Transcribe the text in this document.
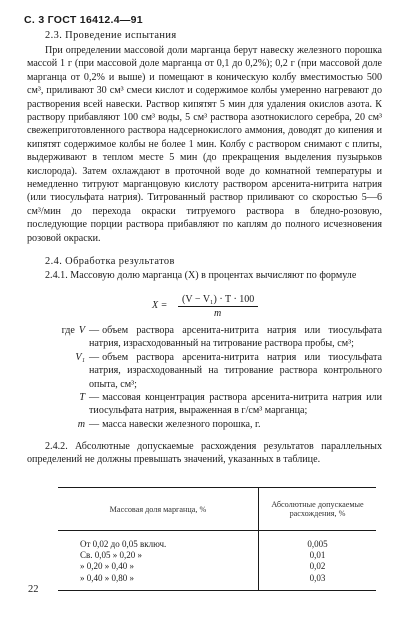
С. 3 ГОСТ 16412.4—91
2.3. Проведение испытания

При определении массовой доли марганца берут навеску железного порошка массой 1 г (при массовой доле марганца от 0,1 до 0,2%); 0,2 г (при массовой доле марганца от 0,2% и выше) и помещают в коническую колбу вместимостью 500 см³, приливают 30 см³ смеси кислот и содержимое колбы умеренно нагревают до растворения всей навески. Раствор кипятят 5 мин для удаления окислов азота. К раствору прибавляют 100 см³ воды, 5 см³ раствора азотнокислого серебра, 20 см³ свежеприготовленного раствора надсернокислого аммония, доводят до кипения и кипятят содержимое колбы не более 1 мин. Колбу с раствором снимают с плиты, выдерживают в теплом месте 5 мин (до прекращения выделения пузырьков кислорода). Затем охлаждают в проточной воде до комнатной температуры и немедленно титруют марганцовую кислоту раствором арсенита-нитрита натрия (или тиосульфата натрия). Титрованный раствор приливают со скоростью 5—6 см³/мин до перехода окраски титруемого раствора в бледно-розовую, последующие порции раствора прибавляют по каплям до полного исчезновения розовой окраски.

2.4. Обработка результатов

2.4.1. Массовую долю марганца (X) в процентах вычисляют по формуле

X =
(V − V₁) · T · 100
m
где V — объем раствора арсенита-нитрита натрия или тиосульфата натрия, израсходованный на титрование раствора пробы, см³;
V₁ — объем раствора арсенита-нитрита натрия или тиосульфата натрия, израсходованный на титрование раствора контрольного опыта, см³;
T — массовая концентрация раствора арсенита-нитрита натрия или тиосульфата натрия, выраженная в г/см³ марганца;
m — масса навески железного порошка, г.

2.4.2. Абсолютные допускаемые расхождения результатов параллельных определений не должны превышать значений, указанных в таблице.

Массовая доля марганца, %	Абсолютные допускаемые расхождения, %
От 0,02 до 0,05 включ.	0,005
Св. 0,05 » 0,20 »	0,01
» 0,20 » 0,40 »	0,02
» 0,40 » 0,80 »	0,03
22
